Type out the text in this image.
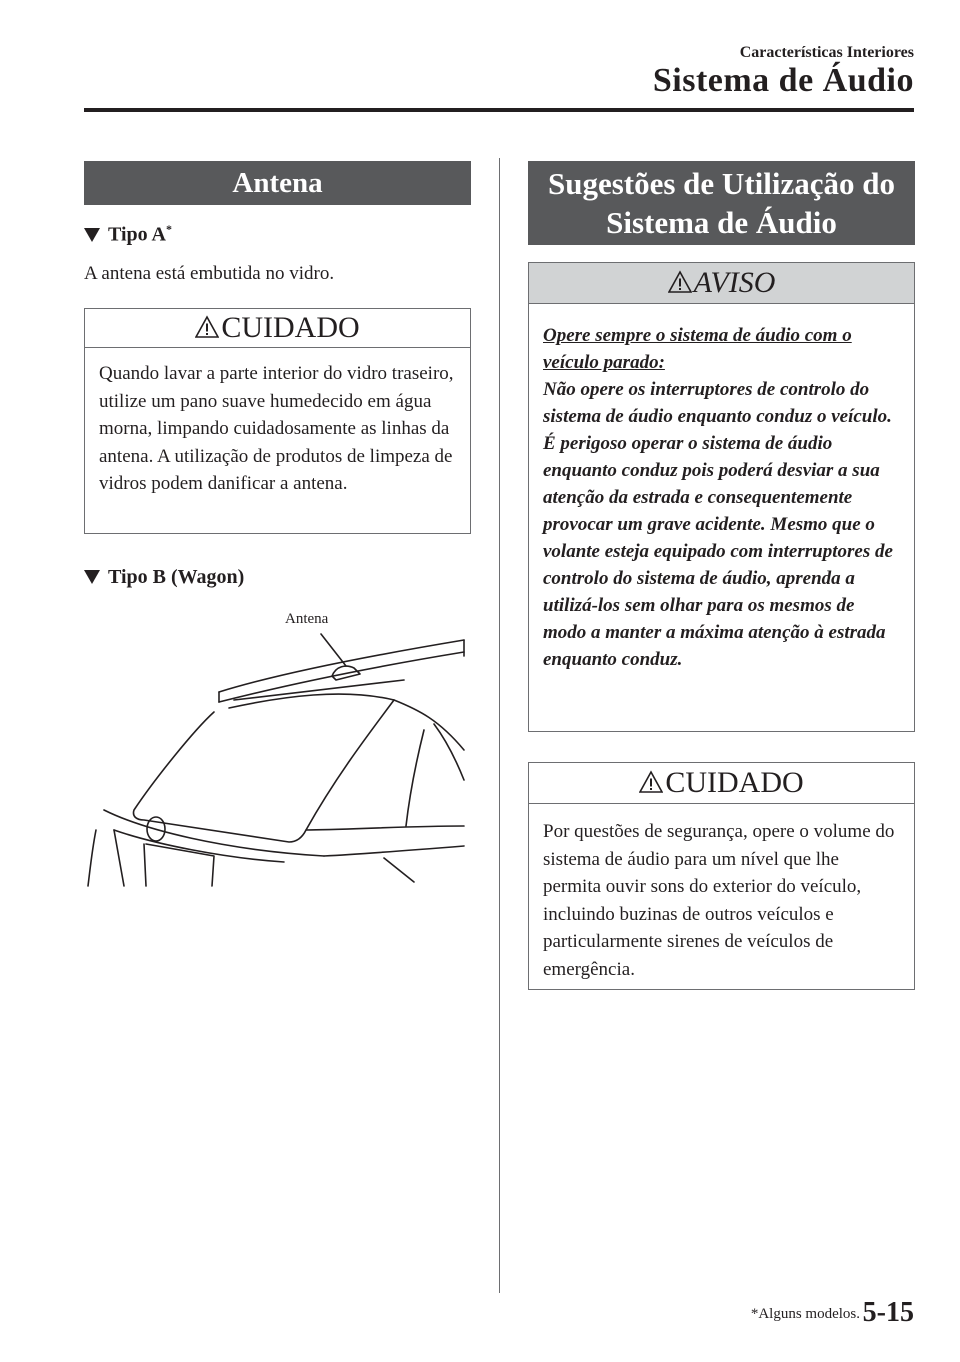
Características Interiores
Sistema de Áudio
Antena
Tipo A*
A antena está embutida no vidro.
CUIDADO
Quando lavar a parte interior do vidro traseiro, utilize um pano suave humedecido em água morna, limpando cuidadosamente as linhas da antena. A utilização de produtos de limpeza de vidros podem danificar a antena.
Tipo B (Wagon)
Antena
Sugestões de Utilização do
Sistema de Áudio
AVISO
Opere sempre o sistema de áudio com o veículo parado:
Não opere os interruptores de controlo do sistema de áudio enquanto conduz o veículo. É perigoso operar o sistema de áudio enquanto conduz pois poderá desviar a sua atenção da estrada e consequentemente provocar um grave acidente. Mesmo que o volante esteja equipado com interruptores de controlo do sistema de áudio, aprenda a utilizá-los sem olhar para os mesmos de modo a manter a máxima atenção à estrada enquanto conduz.
CUIDADO
Por questões de segurança, opere o volume do sistema de áudio para um nível que lhe permita ouvir sons do exterior do veículo, incluindo buzinas de outros veículos e particularmente sirenes de veículos de emergência.
*Alguns modelos. 5-15
